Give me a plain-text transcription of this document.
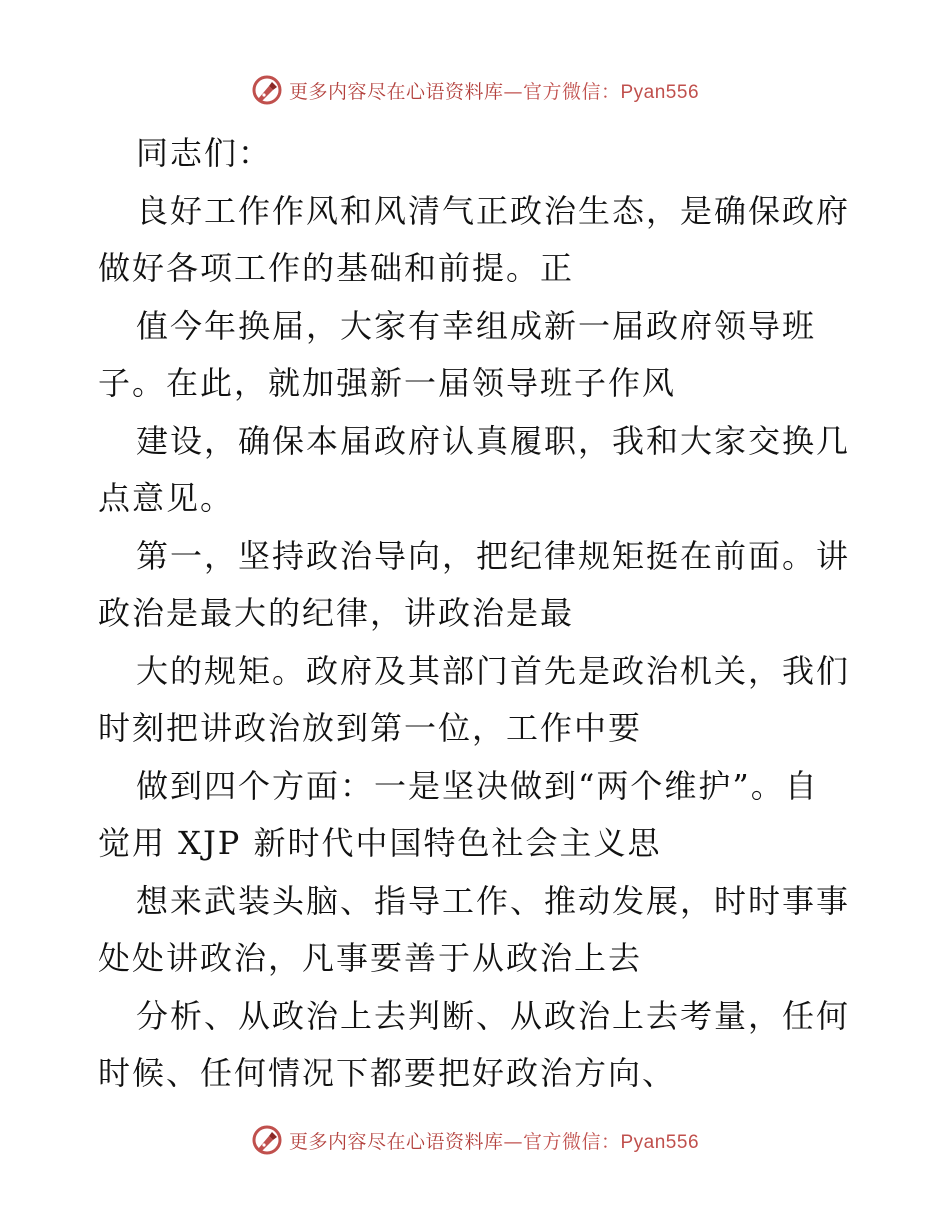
更多内容尽在心语资料库—官方微信：Pyan556
同志们：
良好工作作风和风清气正政治生态，是确保政府
做好各项工作的基础和前提。正
值今年换届，大家有幸组成新一届政府领导班
子。在此，就加强新一届领导班子作风
建设，确保本届政府认真履职，我和大家交换几
点意见。
第一，坚持政治导向，把纪律规矩挺在前面。讲
政治是最大的纪律，讲政治是最
大的规矩。政府及其部门首先是政治机关，我们
时刻把讲政治放到第一位，工作中要
做到四个方面：一是坚决做到“两个维护”。自
觉用 XJP 新时代中国特色社会主义思
想来武装头脑、指导工作、推动发展，时时事事
处处讲政治，凡事要善于从政治上去
分析、从政治上去判断、从政治上去考量，任何
时候、任何情况下都要把好政治方向、
更多内容尽在心语资料库—官方微信：Pyan556
